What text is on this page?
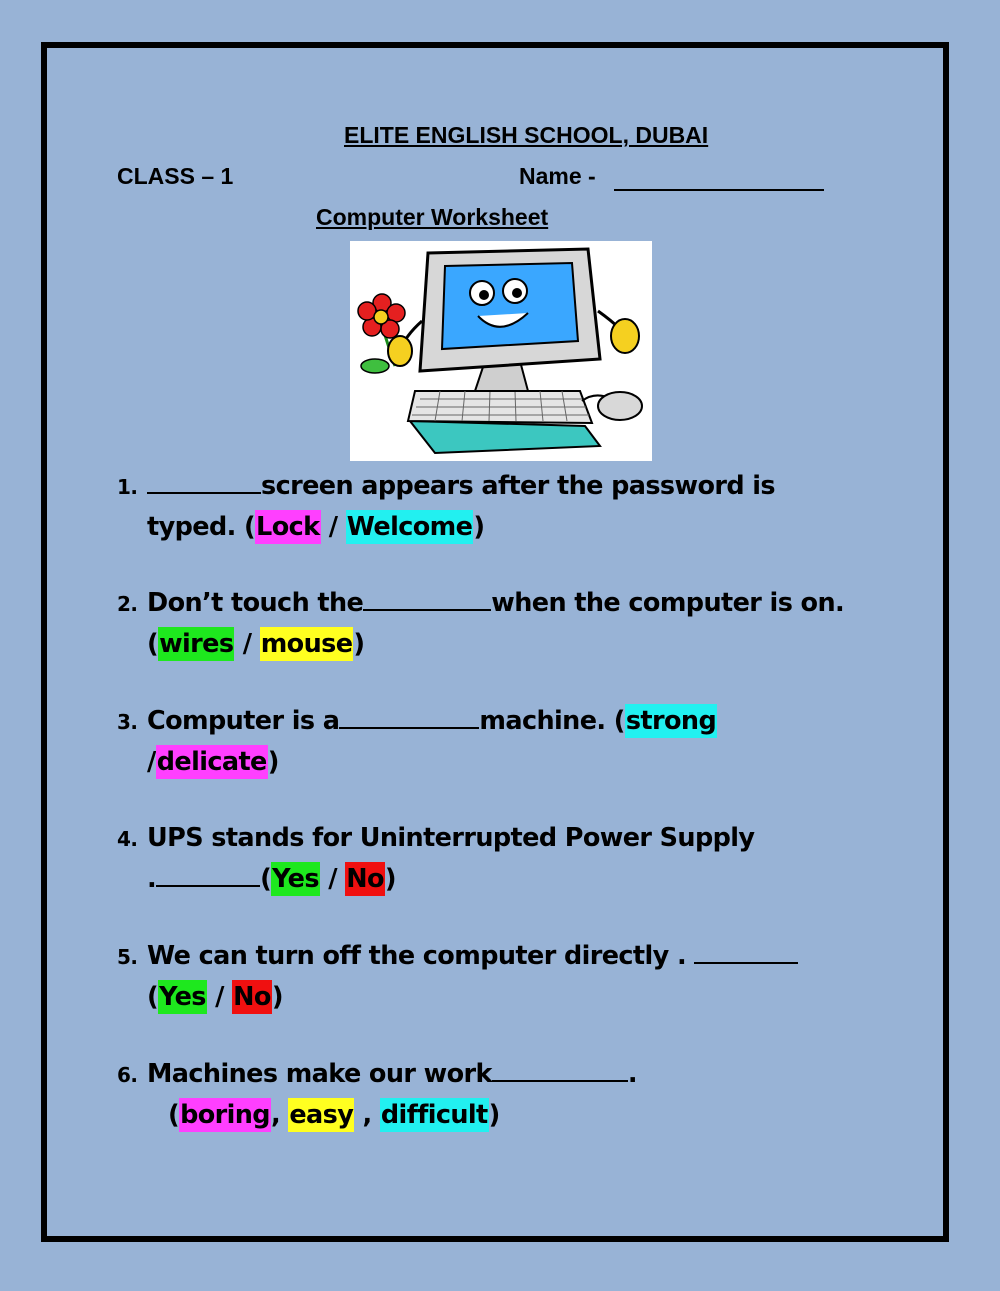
ELITE ENGLISH SCHOOL, DUBAI
CLASS – 1	Name -
Computer Worksheet
1.	screen appears after the password is
typed. (Lock / Welcome)
2. Don’t touch the	when the computer is on.
(wires / mouse)
3. Computer is a	machine. (strong
/delicate)
4. UPS stands for Uninterrupted Power Supply
.	(Yes / No)
5. We can turn off the computer directly .
(Yes / No)
6. Machines make our work	.
(boring, easy , difficult)
